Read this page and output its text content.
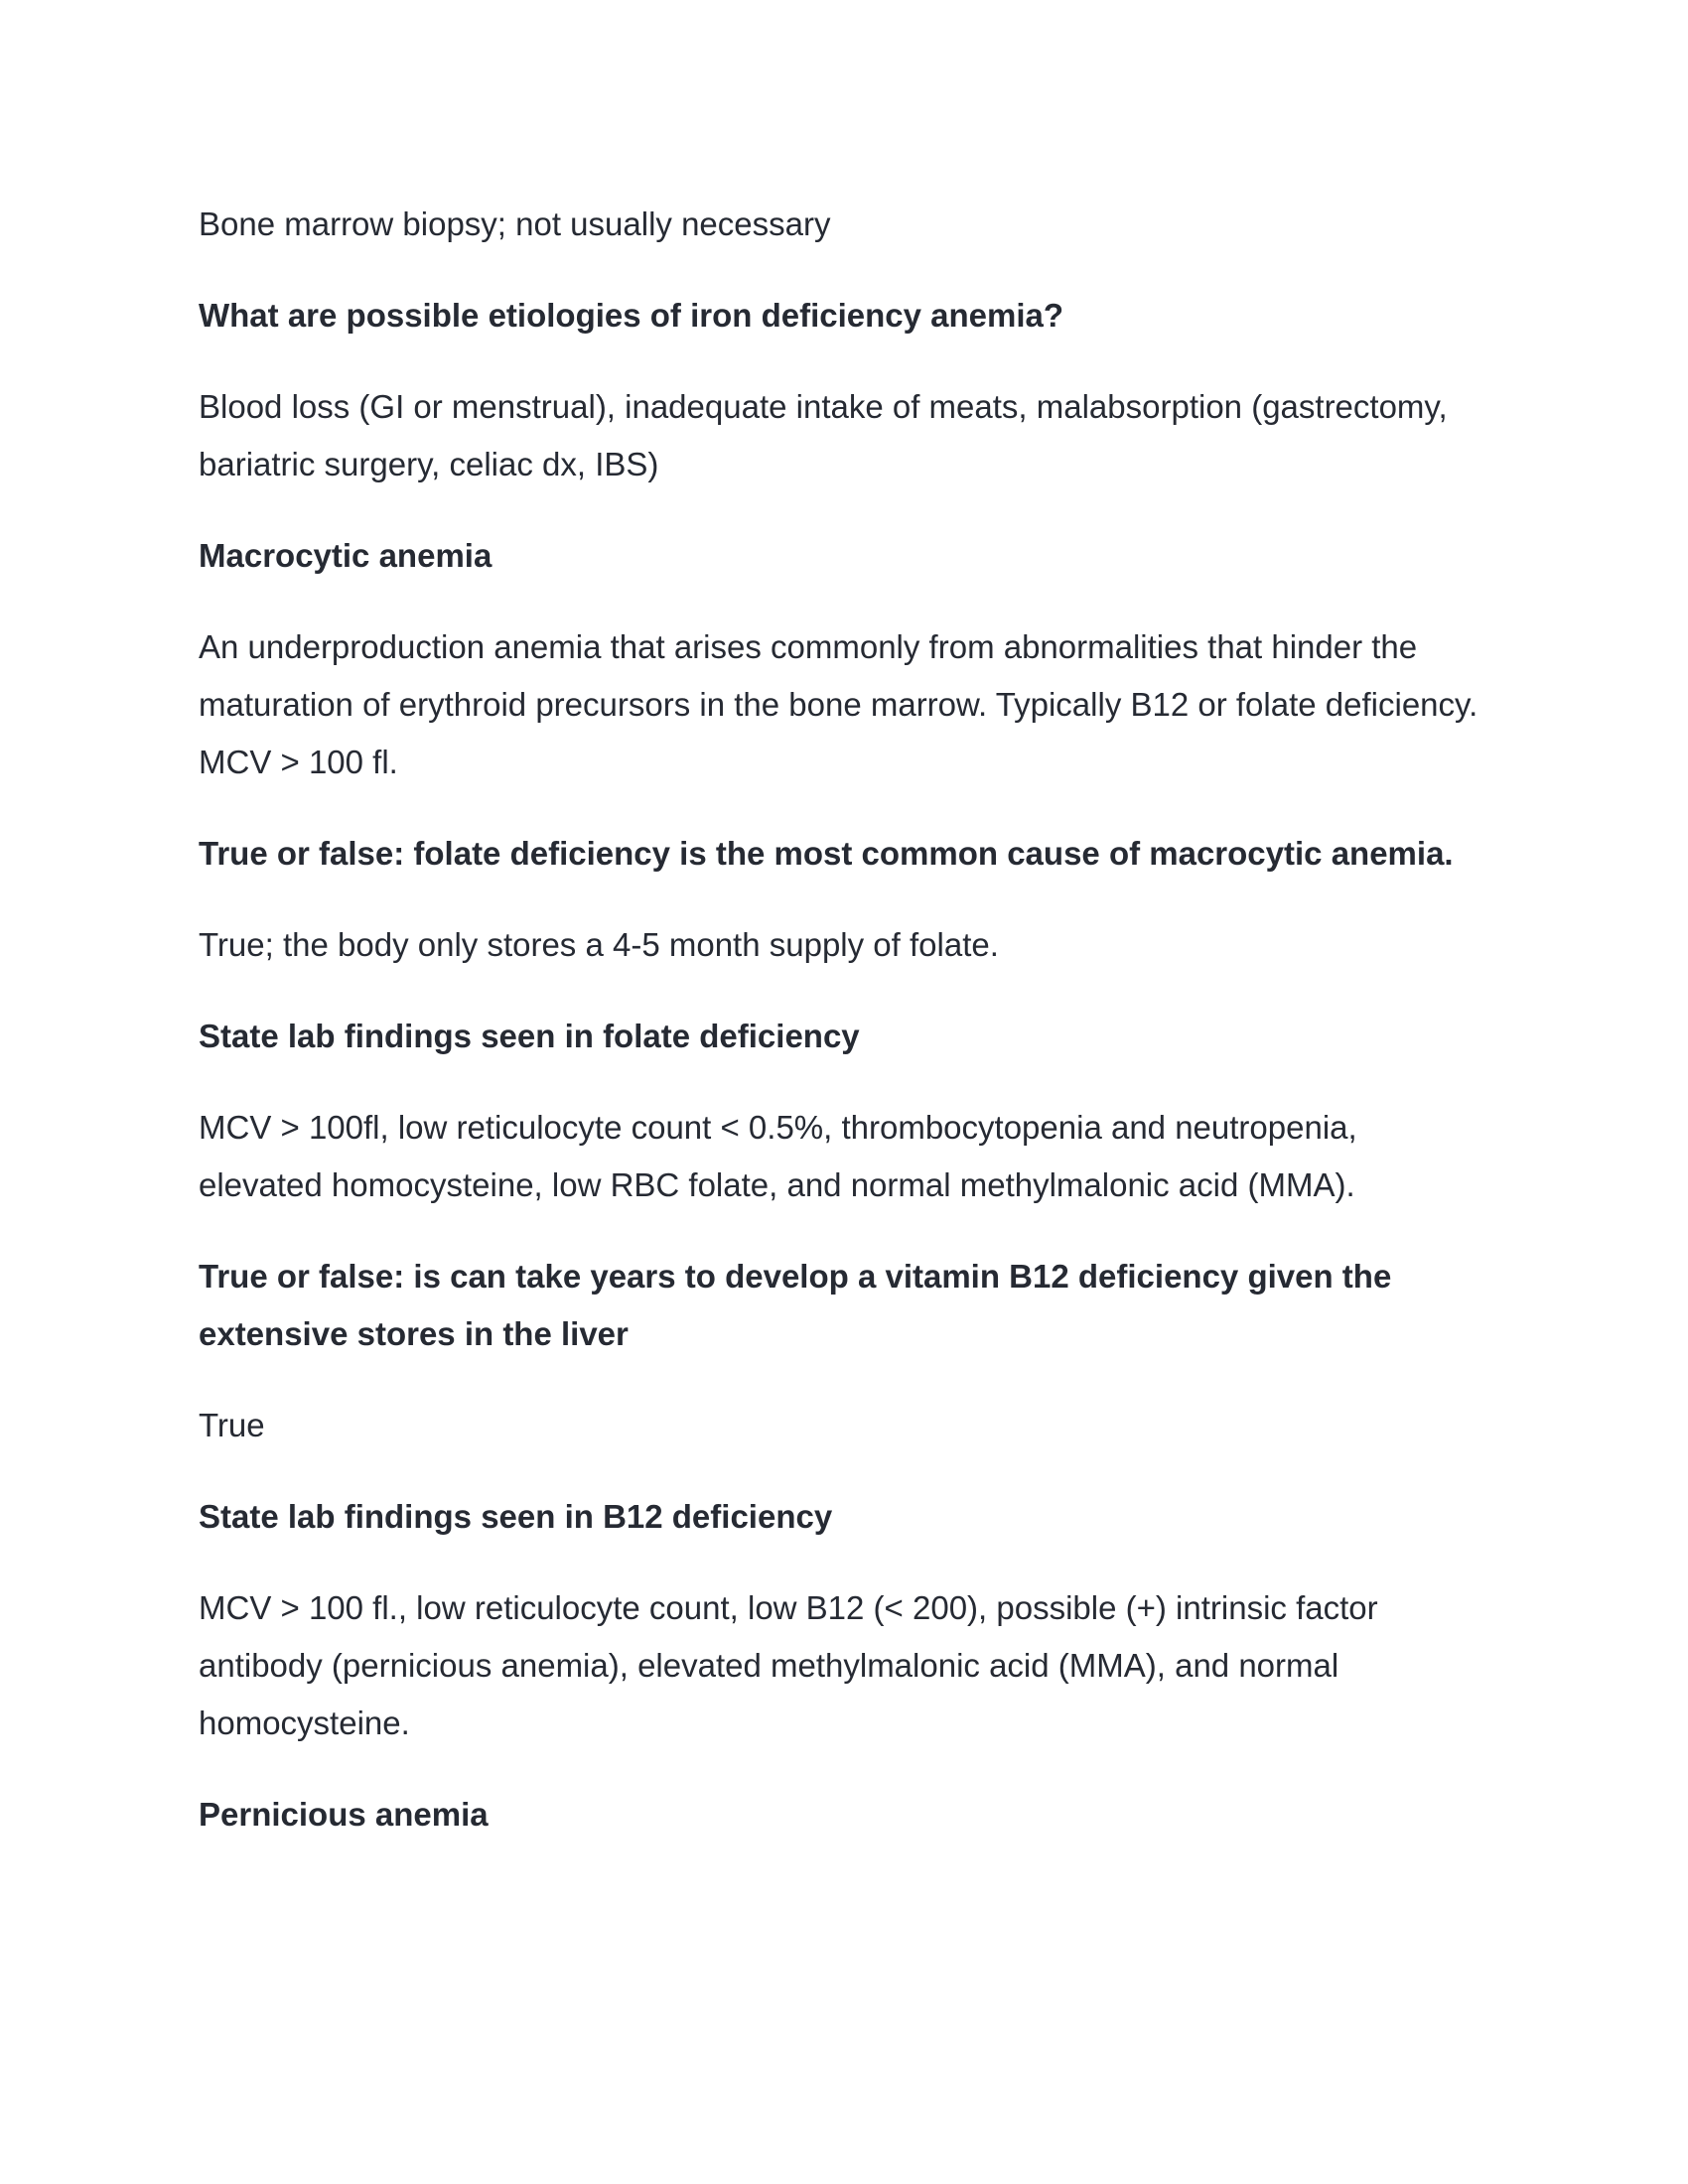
Bone marrow biopsy; not usually necessary

What are possible etiologies of iron deficiency anemia?

Blood loss (GI or menstrual), inadequate intake of meats, malabsorption (gastrectomy, bariatric surgery, celiac dx, IBS)

Macrocytic anemia

An underproduction anemia that arises commonly from abnormalities that hinder the maturation of erythroid precursors in the bone marrow. Typically B12 or folate deficiency. MCV > 100 fl.

True or false: folate deficiency is the most common cause of macrocytic anemia.

True; the body only stores a 4-5 month supply of folate.

State lab findings seen in folate deficiency

MCV > 100fl, low reticulocyte count < 0.5%, thrombocytopenia and neutropenia, elevated homocysteine, low RBC folate, and normal methylmalonic acid (MMA).

True or false: is can take years to develop a vitamin B12 deficiency given the extensive stores in the liver

True

State lab findings seen in B12 deficiency

MCV > 100 fl., low reticulocyte count, low B12 (< 200), possible (+) intrinsic factor antibody (pernicious anemia), elevated methylmalonic acid (MMA), and normal homocysteine.

Pernicious anemia
